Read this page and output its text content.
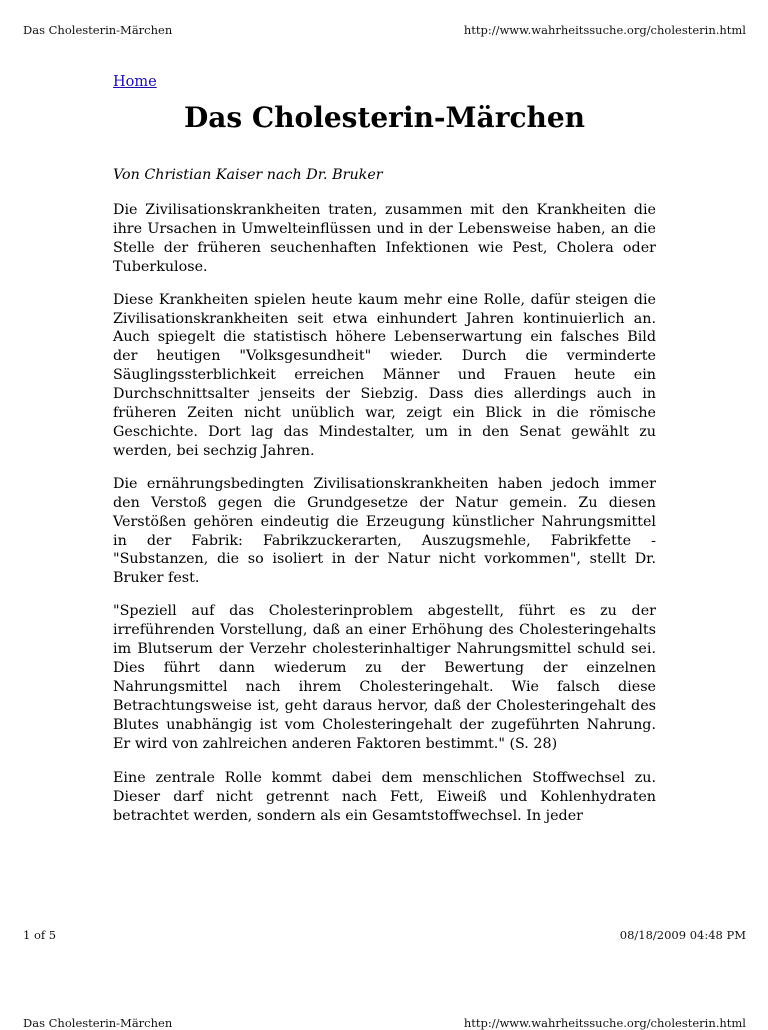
Das Cholesterin-Märchen	http://www.wahrheitssuche.org/cholesterin.html
Home
Das Cholesterin-Märchen

Von Christian Kaiser nach Dr. Bruker

Die Zivilisationskrankheiten traten, zusammen mit den Krankheiten die ihre Ursachen in Umwelteinflüssen und in der Lebensweise haben, an die Stelle der früheren seuchenhaften Infektionen wie Pest, Cholera oder Tuberkulose.

Diese Krankheiten spielen heute kaum mehr eine Rolle, dafür steigen die Zivilisationskrankheiten seit etwa einhundert Jahren kontinuierlich an. Auch spiegelt die statistisch höhere Lebenserwartung ein falsches Bild der heutigen "Volksgesundheit" wieder. Durch die verminderte Säuglingssterblichkeit erreichen Männer und Frauen heute ein Durchschnittsalter jenseits der Siebzig. Dass dies allerdings auch in früheren Zeiten nicht unüblich war, zeigt ein Blick in die römische Geschichte. Dort lag das Mindestalter, um in den Senat gewählt zu werden, bei sechzig Jahren.

Die ernährungsbedingten Zivilisationskrankheiten haben jedoch immer den Verstoß gegen die Grundgesetze der Natur gemein. Zu diesen Verstößen gehören eindeutig die Erzeugung künstlicher Nahrungsmittel in der Fabrik: Fabrikzuckerarten, Auszugsmehle, Fabrikfette - "Substanzen, die so isoliert in der Natur nicht vorkommen", stellt Dr. Bruker fest.

"Speziell auf das Cholesterinproblem abgestellt, führt es zu der irreführenden Vorstellung, daß an einer Erhöhung des Cholesteringehalts im Blutserum der Verzehr cholesterinhaltiger Nahrungsmittel schuld sei. Dies führt dann wiederum zu der Bewertung der einzelnen Nahrungsmittel nach ihrem Cholesteringehalt. Wie falsch diese Betrachtungsweise ist, geht daraus hervor, daß der Cholesteringehalt des Blutes unabhängig ist vom Cholesteringehalt der zugeführten Nahrung. Er wird von zahlreichen anderen Faktoren bestimmt." (S. 28)

Eine zentrale Rolle kommt dabei dem menschlichen Stoffwechsel zu. Dieser darf nicht getrennt nach Fett, Eiweiß und Kohlenhydraten betrachtet werden, sondern als ein Gesamtstoffwechsel. In jeder

1 of 5	08/18/2009 04:48 PM
Das Cholesterin-Märchen	http://www.wahrheitssuche.org/cholesterin.html
